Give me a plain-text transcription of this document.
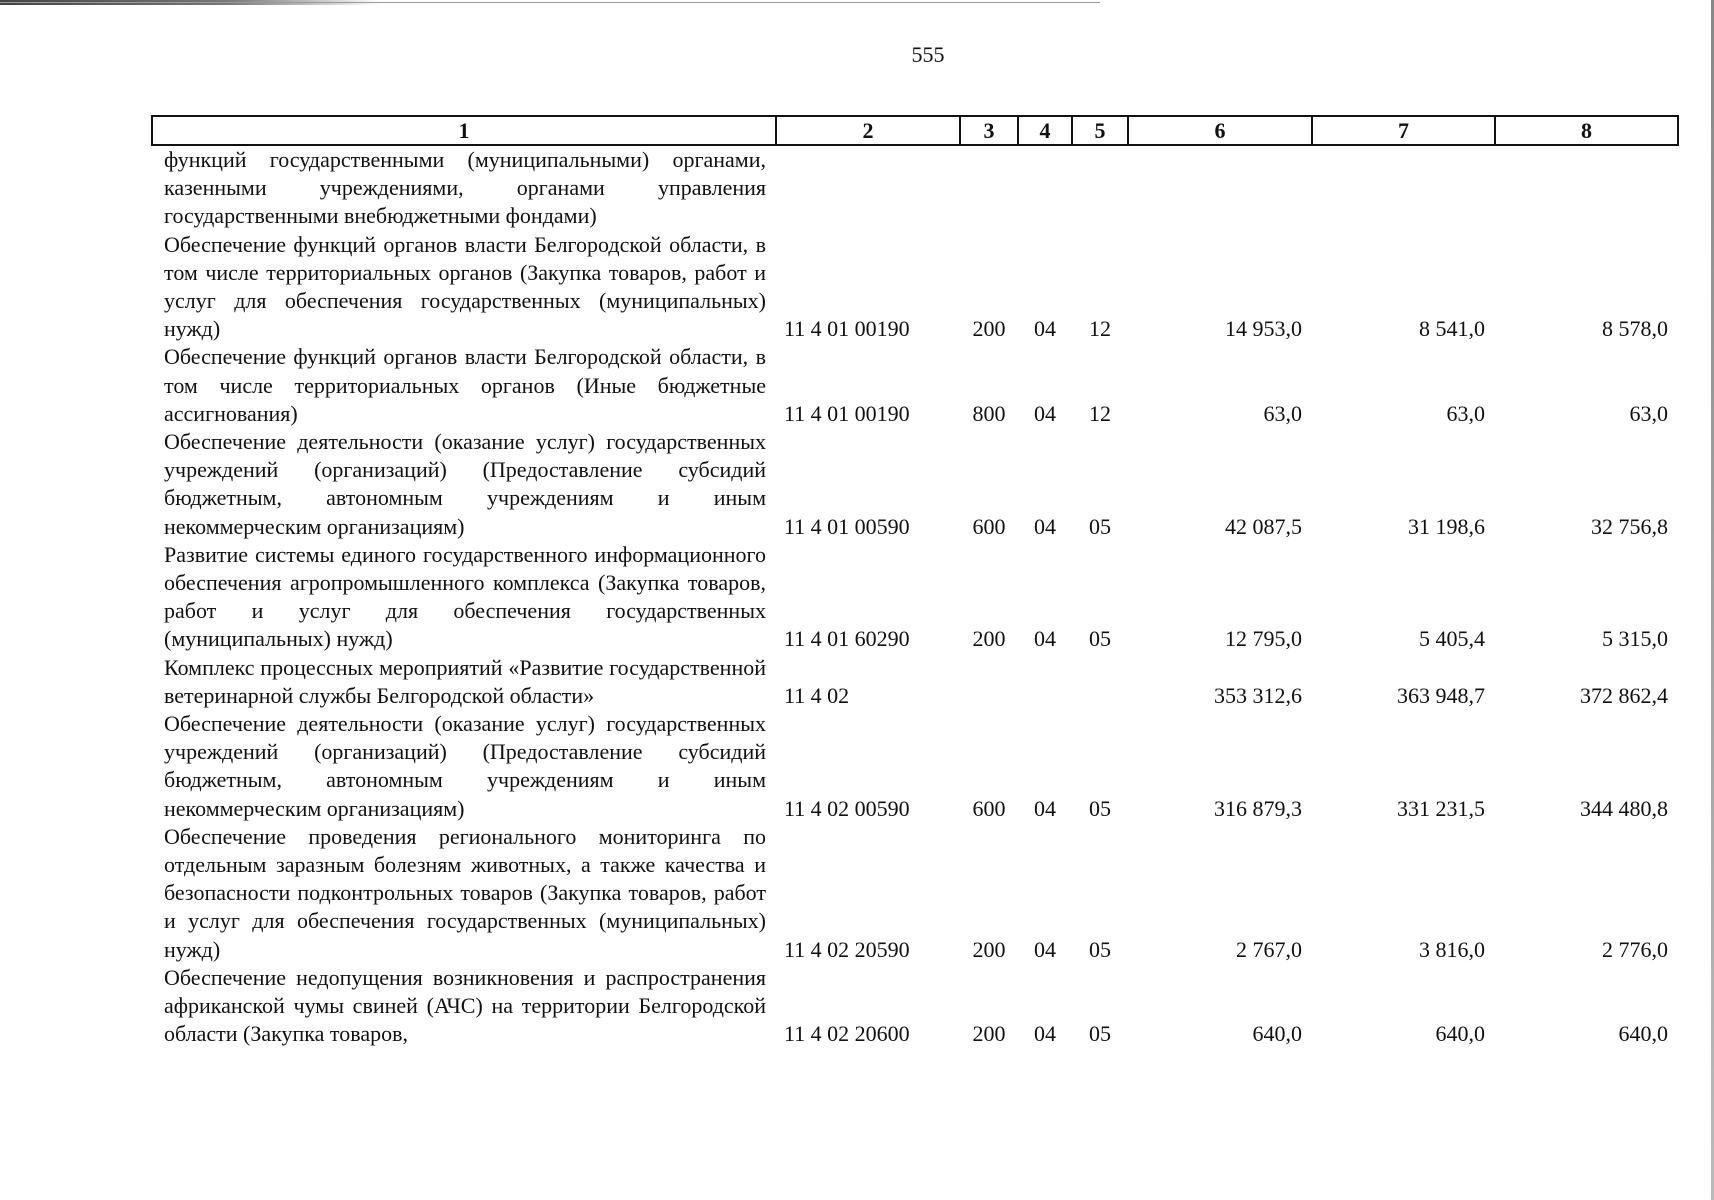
555
1	2	3	4	5	6	7	8
функций государственными (муниципальными) органами, казенными учреждениями, органами управления государственными внебюджетными фондами)							
Обеспечение функций органов власти Белгородской области, в том числе территориальных органов (Закупка товаров, работ и услуг для обеспечения государственных (муниципальных) нужд)	11 4 01 00190	200	04	12	14 953,0	8 541,0	8 578,0
Обеспечение функций органов власти Белгородской области, в том числе территориальных органов (Иные бюджетные ассигнования)	11 4 01 00190	800	04	12	63,0	63,0	63,0
Обеспечение деятельности (оказание услуг) государственных учреждений (организаций) (Предоставление субсидий бюджетным, автономным учреждениям и иным некоммерческим организациям)	11 4 01 00590	600	04	05	42 087,5	31 198,6	32 756,8
Развитие системы единого государственного информационного обеспечения агропромышленного комплекса (Закупка товаров, работ и услуг для обеспечения государственных (муниципальных) нужд)	11 4 01 60290	200	04	05	12 795,0	5 405,4	5 315,0
Комплекс процессных мероприятий «Развитие государственной ветеринарной службы Белгородской области»	11 4 02				353 312,6	363 948,7	372 862,4
Обеспечение деятельности (оказание услуг) государственных учреждений (организаций) (Предоставление субсидий бюджетным, автономным учреждениям и иным некоммерческим организациям)	11 4 02 00590	600	04	05	316 879,3	331 231,5	344 480,8
Обеспечение проведения регионального мониторинга по отдельным заразным болезням животных, а также качества и безопасности подконтрольных товаров (Закупка товаров, работ и услуг для обеспечения государственных (муниципальных) нужд)	11 4 02 20590	200	04	05	2 767,0	3 816,0	2 776,0
Обеспечение недопущения возникновения и распространения африканской чумы свиней (АЧС) на территории Белгородской области (Закупка товаров,	11 4 02 20600	200	04	05	640,0	640,0	640,0
